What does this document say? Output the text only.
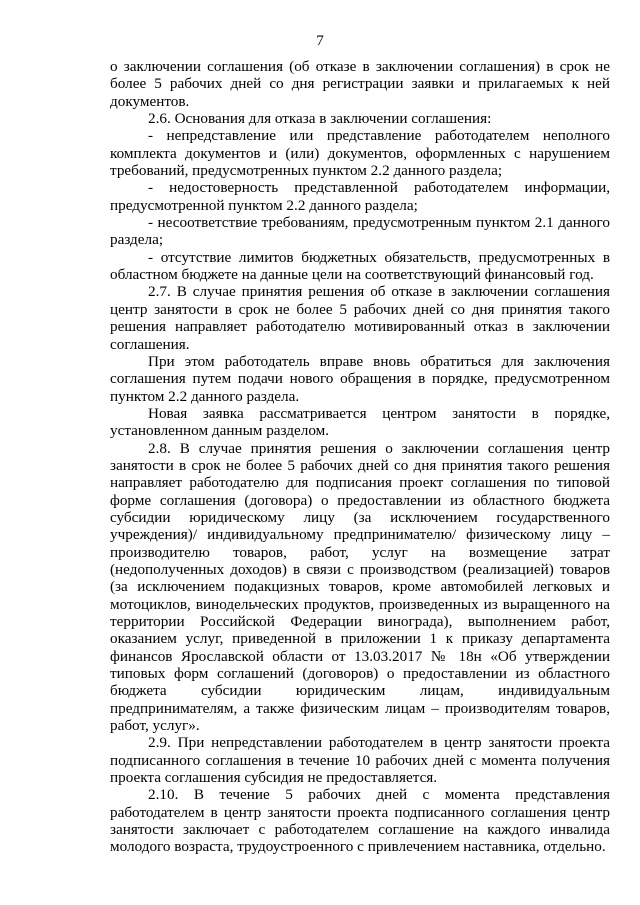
7

о заключении соглашения (об отказе в заключении соглашения) в срок не более 5 рабочих дней со дня регистрации заявки и прилагаемых к ней документов.

2.6. Основания для отказа в заключении соглашения:

- непредставление или представление работодателем неполного комплекта документов и (или) документов, оформленных с нарушением требований, предусмотренных пунктом 2.2 данного раздела;

- недостоверность представленной работодателем информации, предусмотренной пунктом 2.2 данного раздела;

- несоответствие требованиям, предусмотренным пунктом 2.1 данного раздела;

- отсутствие лимитов бюджетных обязательств, предусмотренных в областном бюджете на данные цели на соответствующий финансовый год.

2.7. В случае принятия решения об отказе в заключении соглашения центр занятости в срок не более 5 рабочих дней со дня принятия такого решения направляет работодателю мотивированный отказ в заключении соглашения.

При этом работодатель вправе вновь обратиться для заключения соглашения путем подачи нового обращения в порядке, предусмотренном пунктом 2.2 данного раздела.

Новая заявка рассматривается центром занятости в порядке, установленном данным разделом.

2.8. В случае принятия решения о заключении соглашения центр занятости в срок не более 5 рабочих дней со дня принятия такого решения направляет работодателю для подписания проект соглашения по типовой форме соглашения (договора) о предоставлении из областного бюджета субсидии юридическому лицу (за исключением государственного учреждения)/ индивидуальному предпринимателю/ физическому лицу – производителю товаров, работ, услуг на возмещение затрат (недополученных доходов) в связи с производством (реализацией) товаров (за исключением подакцизных товаров, кроме автомобилей легковых и мотоциклов, винодельческих продуктов, произведенных из выращенного на территории Российской Федерации винограда), выполнением работ, оказанием услуг, приведенной в приложении 1 к приказу департамента финансов Ярославской области от 13.03.2017 № 18н «Об утверждении типовых форм соглашений (договоров) о предоставлении из областного бюджета субсидии юридическим лицам, индивидуальным предпринимателям, а также физическим лицам – производителям товаров, работ, услуг».

2.9. При непредставлении работодателем в центр занятости проекта подписанного соглашения в течение 10 рабочих дней с момента получения проекта соглашения субсидия не предоставляется.

2.10. В течение 5 рабочих дней с момента представления работодателем в центр занятости проекта подписанного соглашения центр занятости заключает с работодателем соглашение на каждого инвалида молодого возраста, трудоустроенного с привлечением наставника, отдельно.
